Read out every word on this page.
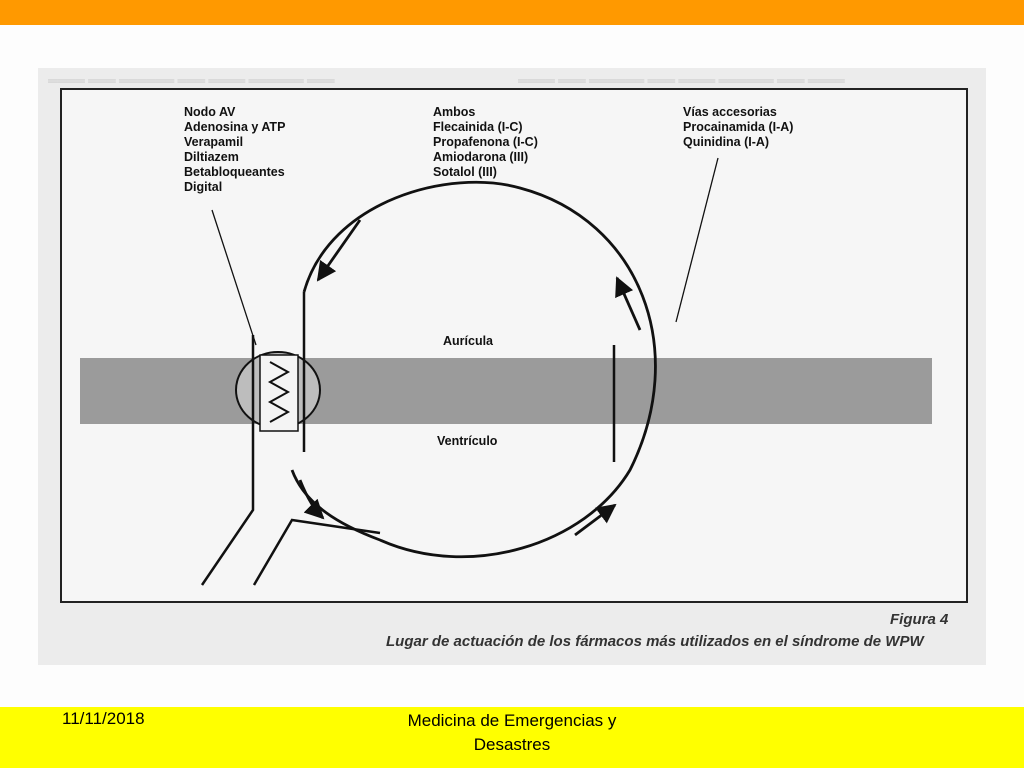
════ ═══ ══════ ═══ ════ ══════ ═══	════ ═══ ══════ ═══ ════ ══════ ═══ ════
Nodo AV
Adenosina y ATP
Verapamil
Diltiazem
Betabloqueantes
Digital
Ambos
Flecainida (I-C)
Propafenona (I-C)
Amiodarona (III)
Sotalol (III)
Vías accesorias
Procainamida (I-A)
Quinidina (I-A)
Aurícula
Ventrículo
Figura 4
Lugar de actuación de los fármacos más utilizados en el síndrome de WPW
11/11/2018	Medicina de Emergencias y Desastres
